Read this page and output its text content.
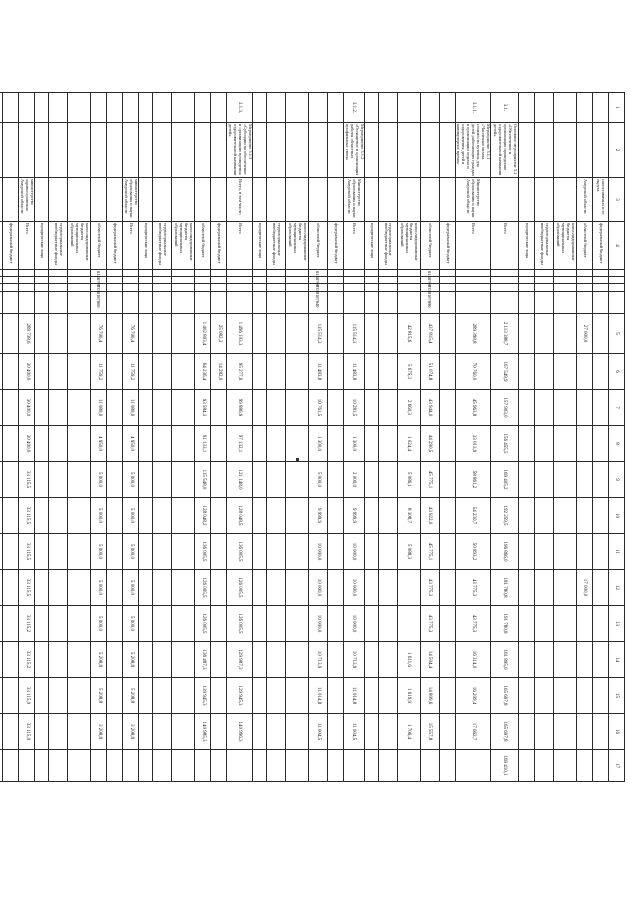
1	2	3	4					5	6	7	8	9	10	11	12	13	14	15	16	17
		сопоставимых и ее округа	федеральный бюджет																	
		Амурской области	областной бюджет					27 000,0							17 000,0					
			консолидированные бюджеты муниципальных образований																	
			территориальные внебюджетные фонды																	
			юридические лица																	
3.1.	Основное мероприятие 3.1 «Обеспечение и организация проведения оздоровительной кампании детей»		Всего					2 113 388,7	167 549,9	157 903,0	156 455,5	169 405,2	192 259,5	196 866,0	181 780,8	191 780,8	161 895,0	165 697,8	165 697,8	169 410,1
3.1.1.	Мероприятие 3.1.1 «Частичная оплата стоимости путевок для детей работающих граждан в организации отдыха и оздоровления детей в каникулярное время»	Министерство образования и науки Амурской области	Всего					289 398,8	70 760,0	45 963,8	33 013,9	58 861,2	54 230,7	50 893,2	43 775,3	43 775,3	16 314,0	16 209,4	17 662,7	
			федеральный бюджет																	
			областной бюджет	814	0707	0330187090		437 815,4	51 074,8	43 944,0	44 290,5	45 775,1	43 922,0	45 775,1	43 775,3	43 775,3	14 504,4	14 809,6	15 557,8	
			консолидированные бюджеты муниципальных образований					42 815,6	5 675,3	2 660,3	1 024,4	5 086,1	8 308,7	5 088,3			1 611,6	1 619,9	1 706,4	
			территориальные внебюджетные фонды																	
			юридические лица																	
3.1.2.	Мероприятие 3.1.2 «Оснащение и организация работы областных профильных смен»	Министерство образования и науки Амурской области	Всего					115 514,3	11 483,8	10 281,5	1 300,0	2 000,0	9 999,9	10 000,0	10 000,0	10 000,0	10 713,9	11 014,8	11 004,5	
			федеральный бюджет																	
			областной бюджет	814	0707	0330187040		115 514,3	11 483,8	10 761,5	1 300,0	5 000,0	9 999,9	10 000,0	10 000,0	10 000,0	10 713,9	11 014,8	11 004,5	
			консолидированные бюджеты муниципальных образований																	
			территориальные внебюджетные фонды																	
			юридические лица																	
3.1.3.	Мероприятие 3.1.3 «Субсидии на обеспечение и организацию проведения оздоровительной кампании детей»	Всего, в том числе:	Всего					1 496 103,3	95 277,6	99 886,9	97 132,1	121 148,0	128 048,5	136 005,5	126 005,5	126 005,5	129 987,3	129 945,3	140 996,3	
			федеральный бюджет					25 082,3	14 282,0											
			областной бюджет					1 402 803,4	64 236,4	93 584,3	91 133,1	115 548,0	128 048,2	136 005,5	126 005,5	126 005,5	136 487,3	139 945,3	140 985,3	
			консолидированные бюджеты муниципальных образований																	
			территориальные внебюджетные фонды																	
			юридические лица																	
		министерство образования и науки Амурской области	Всего					76 706,4	11 759,2	11 080,0	4 950,0	5 000,0	5 000,0	5 000,0	5 000,0	5 000,0	5 208,8	5 208,8	3 208,8	
			федеральный бюджет																	
			областной бюджет	814	0707	0330187060		76 706,4	11 759,2	11 080,0	4 950,0	5 000,0	5 000,0	5 000,0	5 000,0	5 000,0	5 208,8	5 208,8	3 208,8	
			консолидированные бюджеты муниципальных образований																	
			территориальные внебюджетные фонды																	
			юридические лица																	
		министерство здравоохранения Амурской области	Всего					289 738,6	30 400,0	30 400,0	30 400,0	33 115,5	33 115,5	33 115,5	33 115,5	33 115,2	33 115,2	33 115,0	33 115,0	
			федеральный бюджет																	
